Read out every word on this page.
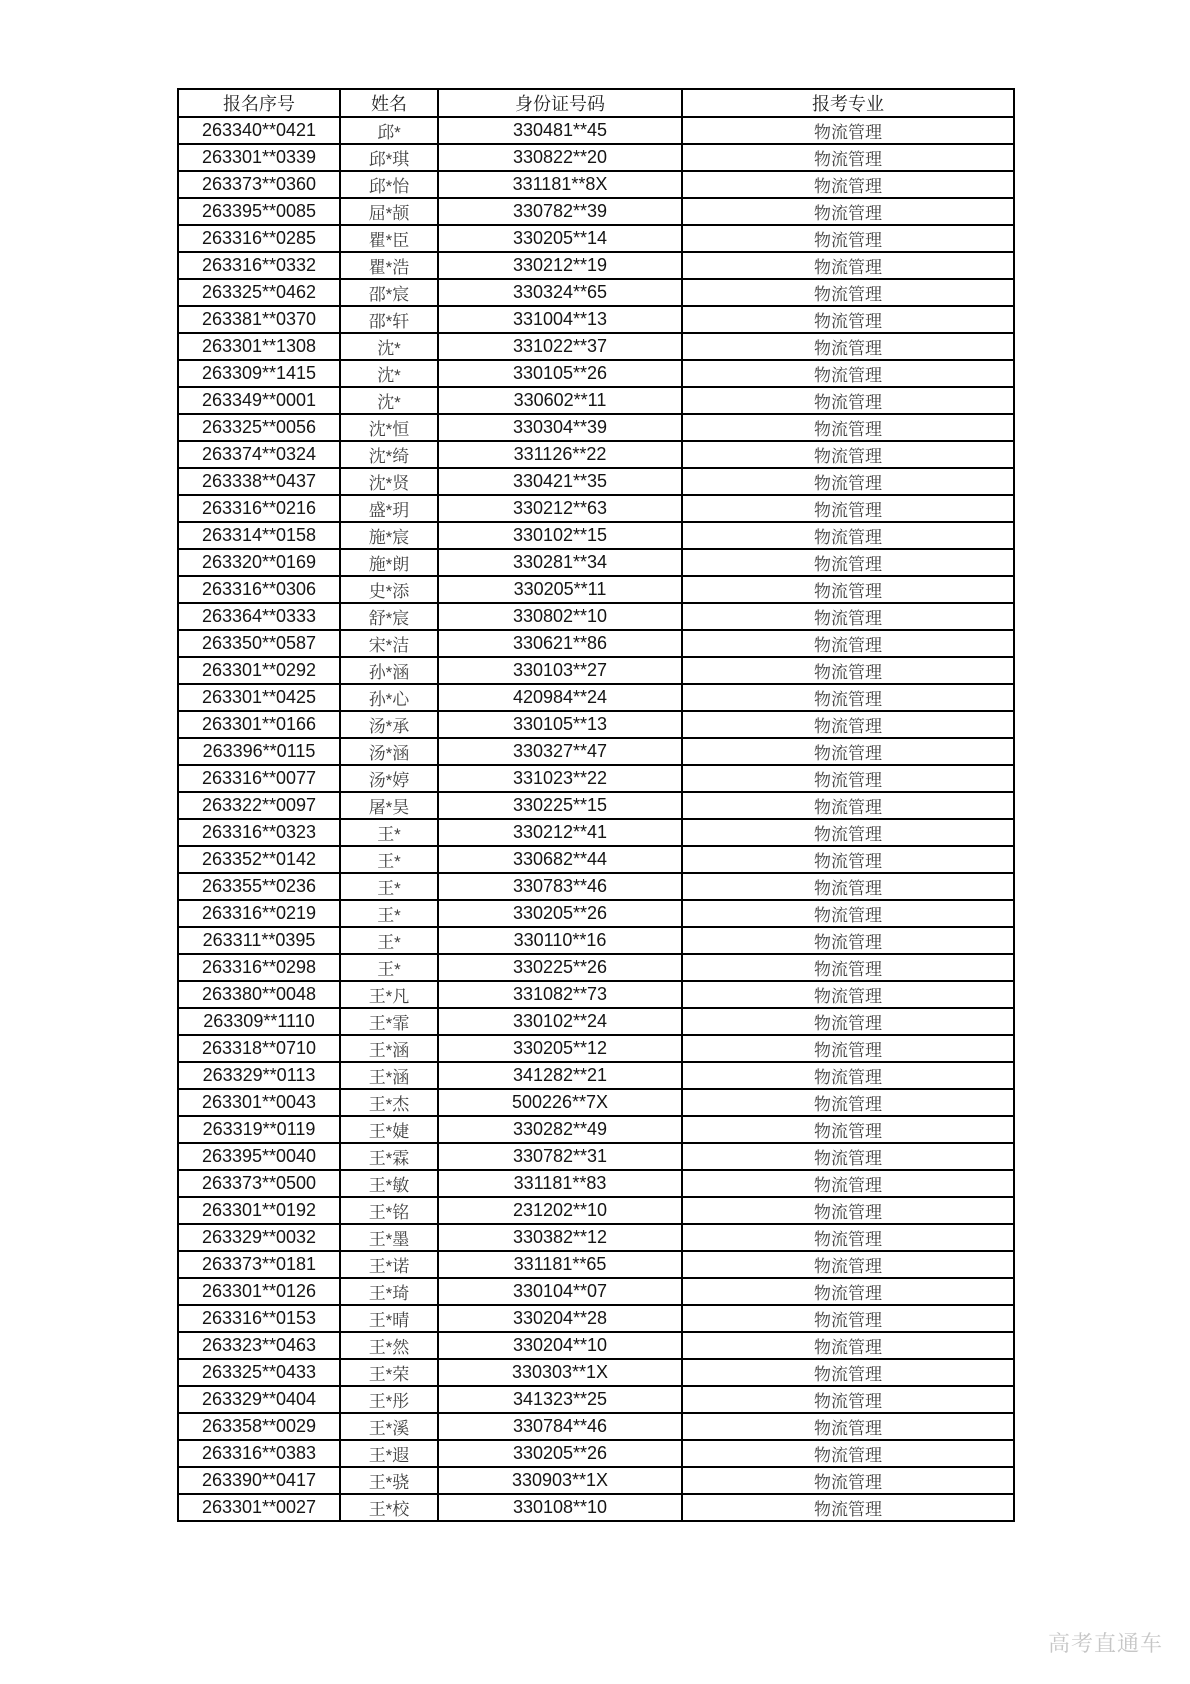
报名序号	姓名	身份证号码	报考专业
263340**0421	邱*	330481**45	物流管理
263301**0339	邱*琪	330822**20	物流管理
263373**0360	邱*怡	331181**8X	物流管理
263395**0085	屈*颉	330782**39	物流管理
263316**0285	瞿*臣	330205**14	物流管理
263316**0332	瞿*浩	330212**19	物流管理
263325**0462	邵*宸	330324**65	物流管理
263381**0370	邵*轩	331004**13	物流管理
263301**1308	沈*	331022**37	物流管理
263309**1415	沈*	330105**26	物流管理
263349**0001	沈*	330602**11	物流管理
263325**0056	沈*恒	330304**39	物流管理
263374**0324	沈*绮	331126**22	物流管理
263338**0437	沈*贤	330421**35	物流管理
263316**0216	盛*玥	330212**63	物流管理
263314**0158	施*宸	330102**15	物流管理
263320**0169	施*朗	330281**34	物流管理
263316**0306	史*添	330205**11	物流管理
263364**0333	舒*宸	330802**10	物流管理
263350**0587	宋*洁	330621**86	物流管理
263301**0292	孙*涵	330103**27	物流管理
263301**0425	孙*心	420984**24	物流管理
263301**0166	汤*承	330105**13	物流管理
263396**0115	汤*涵	330327**47	物流管理
263316**0077	汤*婷	331023**22	物流管理
263322**0097	屠*昊	330225**15	物流管理
263316**0323	王*	330212**41	物流管理
263352**0142	王*	330682**44	物流管理
263355**0236	王*	330783**46	物流管理
263316**0219	王*	330205**26	物流管理
263311**0395	王*	330110**16	物流管理
263316**0298	王*	330225**26	物流管理
263380**0048	王*凡	331082**73	物流管理
263309**1110	王*霏	330102**24	物流管理
263318**0710	王*涵	330205**12	物流管理
263329**0113	王*涵	341282**21	物流管理
263301**0043	王*杰	500226**7X	物流管理
263319**0119	王*婕	330282**49	物流管理
263395**0040	王*霖	330782**31	物流管理
263373**0500	王*敏	331181**83	物流管理
263301**0192	王*铭	231202**10	物流管理
263329**0032	王*墨	330382**12	物流管理
263373**0181	王*诺	331181**65	物流管理
263301**0126	王*琦	330104**07	物流管理
263316**0153	王*晴	330204**28	物流管理
263323**0463	王*然	330204**10	物流管理
263325**0433	王*荣	330303**1X	物流管理
263329**0404	王*彤	341323**25	物流管理
263358**0029	王*溪	330784**46	物流管理
263316**0383	王*遐	330205**26	物流管理
263390**0417	王*骁	330903**1X	物流管理
263301**0027	王*校	330108**10	物流管理
高考直通车
